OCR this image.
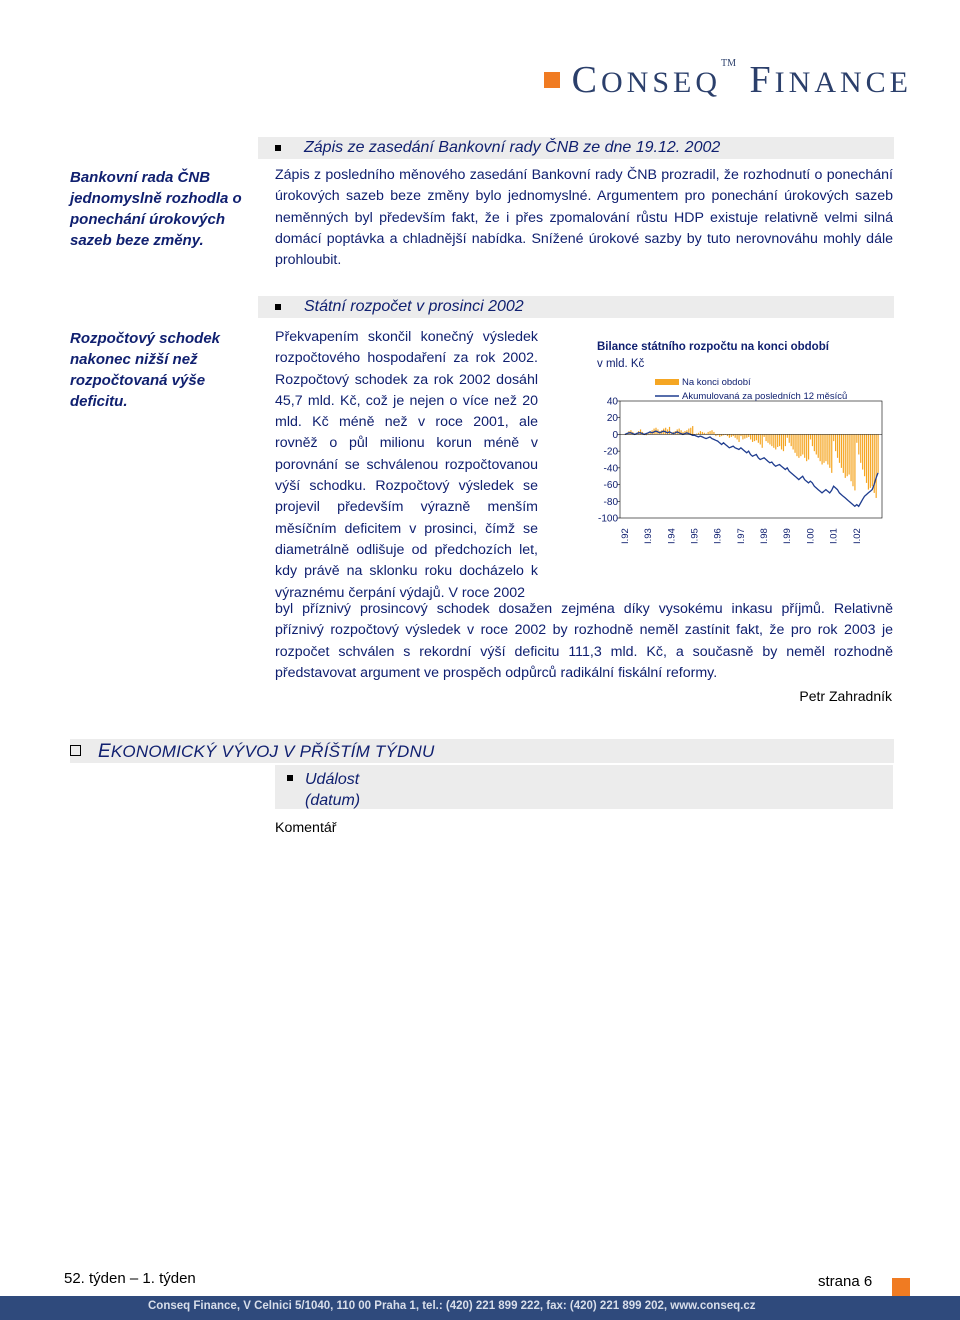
CONSEQ™ FINANCE
Bankovní rada ČNB jednomyslně rozhodla o ponechání úrokových sazeb beze změny.
Zápis ze zasedání Bankovní rady ČNB ze dne 19.12. 2002
Zápis z posledního měnového zasedání Bankovní rady ČNB prozradil, že rozhodnutí o ponechání úrokových sazeb beze změny bylo jednomyslné. Argumentem pro ponechání úrokových sazeb neměnných byl především fakt, že i přes zpomalování růstu HDP existuje relativně velmi silná domácí poptávka a chladnější nabídka. Snížené úrokové sazby by tuto nerovnováhu mohly dále prohloubit.
Rozpočtový schodek nakonec nižší než rozpočtovaná výše deficitu.
Státní rozpočet v prosinci 2002
Překvapením skončil konečný výsledek rozpočtového hospodaření za rok 2002. Rozpočtový schodek za rok 2002 dosáhl 45,7 mld. Kč, což je nejen o více než 20 mld. Kč méně než v roce 2001, ale rovněž o půl milionu korun méně v porovnání se schválenou rozpočtovanou výší schodku. Rozpočtový výsledek se projevil především výrazně menším měsíčním deficitem v prosinci, čímž se diametrálně odlišuje od předchozích let, kdy právě na sklonku roku docházelo k výraznému čerpání výdajů. V roce 2002
byl příznivý prosincový schodek dosažen zejména díky vysokému inkasu příjmů. Relativně příznivý rozpočtový výsledek v roce 2002 by rozhodně neměl zastínit fakt, že pro rok 2003 je rozpočet schválen s rekordní výší deficitu 111,3 mld. Kč, a současně by neměl rozhodně představovat argument ve prospěch odpůrců radikální fiskální reformy.
Petr Zahradník
Bilance státního rozpočtu na konci období
v mld. Kč
40
20
0
-20
-40
-60
-80
-100
I.92 I.93 I.94 I.95 I.96 I.97 I.98 I.99 I.00 I.01 I.02
Na konci období
Akumulovaná za posledních 12 měsíců
EKONOMICKÝ VÝVOJ V PŘÍŠTÍM TÝDNU
Událost
(datum)
Komentář
52. týden – 1. týden	strana 6
Conseq Finance, V Celnici 5/1040, 110 00 Praha 1, tel.: (420) 221 899 222, fax: (420) 221 899 202, www.conseq.cz
